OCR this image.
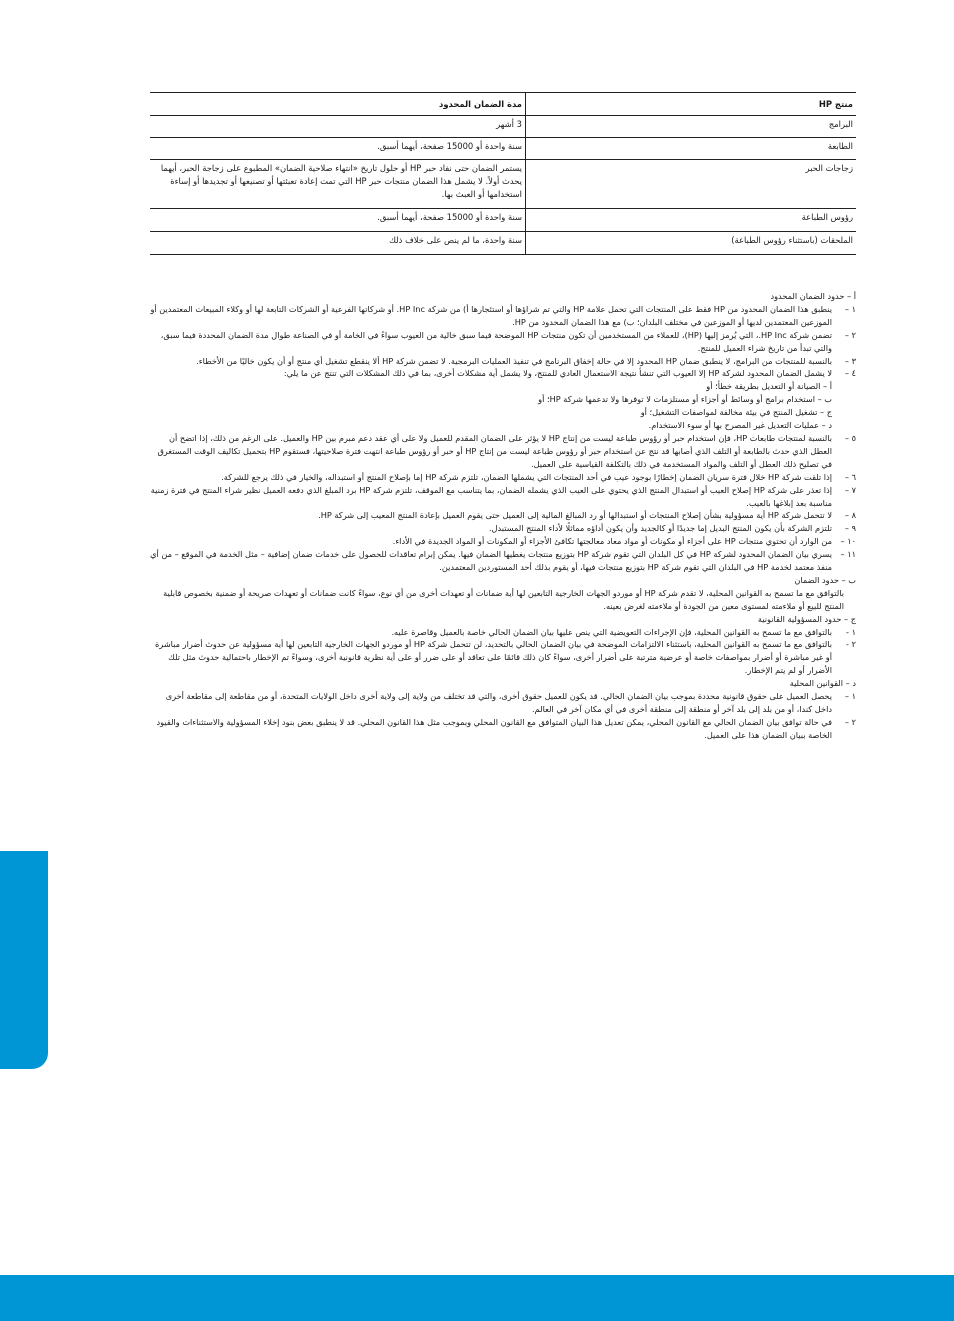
منتج HP	مدة الضمان المحدود
البرامج	3 أشهر
الطابعة	سنة واحدة أو 15000 صفحة، أيهما أسبق.
زجاجات الحبر	يستمر الضمان حتى نفاد حبر HP أو حلول تاريخ «انتهاء صلاحية الضمان» المطبوع على زجاجة الحبر، أيهما يحدث أولاً. لا يشمل هذا الضمان منتجات حبر HP التي تمت إعادة تعبئتها أو تصنيعها أو تجديدها أو إساءة استخدامها أو العبث بها.
رؤوس الطباعة	سنة واحدة أو 15000 صفحة، أيهما أسبق.
الملحقات (باستثناء رؤوس الطباعة)	سنة واحدة، ما لم ينص على خلاف ذلك
أ – حدود الضمان المحدود
١ –
ينطبق هذا الضمان المحدود من HP فقط على المنتجات التي تحمل علامة HP والتي تم شراؤها أو استئجارها أ) من شركة HP Inc. أو شركاتها الفرعية أو الشركات التابعة لها أو وكلاء المبيعات المعتمدين أو الموزعين المعتمدين لديها أو الموزعين في مختلف البلدان؛ ب) مع هذا الضمان المحدود من HP.
٢ –
تضمن شركة HP Inc.، التي يُرمز إليها (HP)، للعملاء من المستخدمين أن تكون منتجات HP الموضحة فيما سبق خالية من العيوب سواءً في الخامة أو في الصناعة طوال مدة الضمان المحددة فيما سبق، والتي تبدأ من تاريخ شراء العميل للمنتج.
٣ –
بالنسبة للمنتجات من البرامج، لا ينطبق ضمان HP المحدود إلا في حالة إخفاق البرنامج في تنفيذ العمليات البرمجية. لا تضمن شركة HP ألا ينقطع تشغيل أي منتج أو أن يكون خاليًا من الأخطاء.
٤ –
لا يشمل الضمان المحدود لشركة HP إلا العيوب التي تنشأ نتيجة الاستعمال العادي للمنتج، ولا يشمل أية مشكلات أخرى، بما في ذلك المشكلات التي تنتج عن ما يلي:
أ – الصيانة أو التعديل بطريقة خطأ؛ أو
ب – استخدام برامج أو وسائط أو أجزاء أو مستلزمات لا توفرها ولا تدعمها شركة HP؛ أو
ج – تشغيل المنتج في بيئة مخالفة لمواصفات التشغيل؛ أو
د – عمليات التعديل غير المصرح بها أو سوء الاستخدام.
٥ –
بالنسبة لمنتجات طابعات HP، فإن استخدام حبر أو رؤوس طباعة ليست من إنتاج HP لا يؤثر على الضمان المقدم للعميل ولا على أي عقد دعم مبرم بين HP والعميل. على الرغم من ذلك، إذا اتضح أن العطل الذي حدث بالطابعة أو التلف الذي أصابها قد نتج عن استخدام حبر أو رؤوس طباعة ليست من إنتاج HP أو حبر أو رؤوس طباعة انتهت فترة صلاحيتها، فستقوم HP بتحميل تكاليف الوقت المستغرق في تصليح ذلك العطل أو التلف والمواد المستخدمة في ذلك بالتكلفة القياسية على العميل.
٦ –
إذا تلقت شركة HP خلال فترة سريان الضمان إخطارًا بوجود عيب في أحد المنتجات التي يشملها الضمان، تلتزم شركة HP إما بإصلاح المنتج أو استبداله، والخيار في ذلك يرجع للشركة.
٧ –
إذا تعذر على شركة HP إصلاح العيب أو استبدال المنتج الذي يحتوي على العيب الذي يشمله الضمان، بما يتناسب مع الموقف، تلتزم شركة HP برد المبلغ الذي دفعه العميل نظير شراء المنتج في فترة زمنية مناسبة بعد إبلاغها بالعيب.
٨ –
لا تتحمل شركة HP أية مسؤولية بشأن إصلاح المنتجات أو استبدالها أو رد المبالغ المالية إلى العميل حتى يقوم العميل بإعادة المنتج المعيب إلى شركة HP.
٩ –
تلتزم الشركة بأن يكون المنتج البديل إما جديدًا أو كالجديد وأن يكون أداؤه مماثلًا لأداء المنتج المستبدل.
١٠ –
من الوارد أن تحتوي منتجات HP على أجزاء أو مكونات أو مواد معاد معالجتها تكافئ الأجزاء أو المكونات أو المواد الجديدة في الأداء.
١١ –
يسري بيان الضمان المحدود لشركة HP في كل البلدان التي تقوم شركة HP بتوزيع منتجات يغطيها الضمان فيها. يمكن إبرام تعاقدات للحصول على خدمات ضمان إضافية – مثل الخدمة في الموقع – من أي منفذ معتمد لخدمة HP في البلدان التي تقوم شركة HP بتوزيع منتجات فيها، أو يقوم بذلك أحد المستوردين المعتمدين.
ب – حدود الضمان
بالتوافق مع ما تسمح به القوانين المحلية، لا تقدم شركة HP أو موردو الجهات الخارجية التابعين لها أية ضمانات أو تعهدات أخرى من أي نوع، سواءً كانت ضمانات أو تعهدات صريحة أو ضمنية بخصوص قابلية المنتج للبيع أو ملاءمته لمستوى معين من الجودة أو ملاءمته لغرض بعينه.
ج – حدود المسؤولية القانونية
١ -
بالتوافق مع ما تسمح به القوانين المحلية، فإن الإجراءات التعويضية التي ينص عليها بيان الضمان الحالي خاصة بالعميل وقاصرة عليه.
٢ -
بالتوافق مع ما تسمح به القوانين المحلية، باستثناء الالتزامات الموضحة في بيان الضمان الحالي بالتحديد، لن تتحمل شركة HP أو موردو الجهات الخارجية التابعين لها أية مسؤولية عن حدوث أضرار مباشرة أو غير مباشرة أو أضرار بمواصفات خاصة أو عرضية مترتبة على أضرار أخرى، سواءً كان ذلك قائمًا على تعاقد أو على ضرر أو على أية نظرية قانونية أخرى، وسواءً تم الإخطار باحتمالية حدوث مثل تلك الأضرار أو لم يتم الإخطار.
د – القوانين المحلية
١ –
يحصل العميل على حقوق قانونية محددة بموجب بيان الضمان الحالي. قد يكون للعميل حقوق أخرى، والتي قد تختلف من ولاية إلى ولاية أخرى داخل الولايات المتحدة، أو من مقاطعة إلى مقاطعة أخرى داخل كندا، أو من بلد إلى بلد آخر أو منطقة إلى منطقة أخرى في أي مكان آخر في العالم.
٢ –
في حالة توافق بيان الضمان الحالي مع القانون المحلي، يمكن تعديل هذا البيان المتوافق مع القانون المحلي وبموجب مثل هذا القانون المحلي. قد لا ينطبق بعض بنود إخلاء المسؤولية والاستثناءات والقيود الخاصة ببيان الضمان هذا على العميل.
